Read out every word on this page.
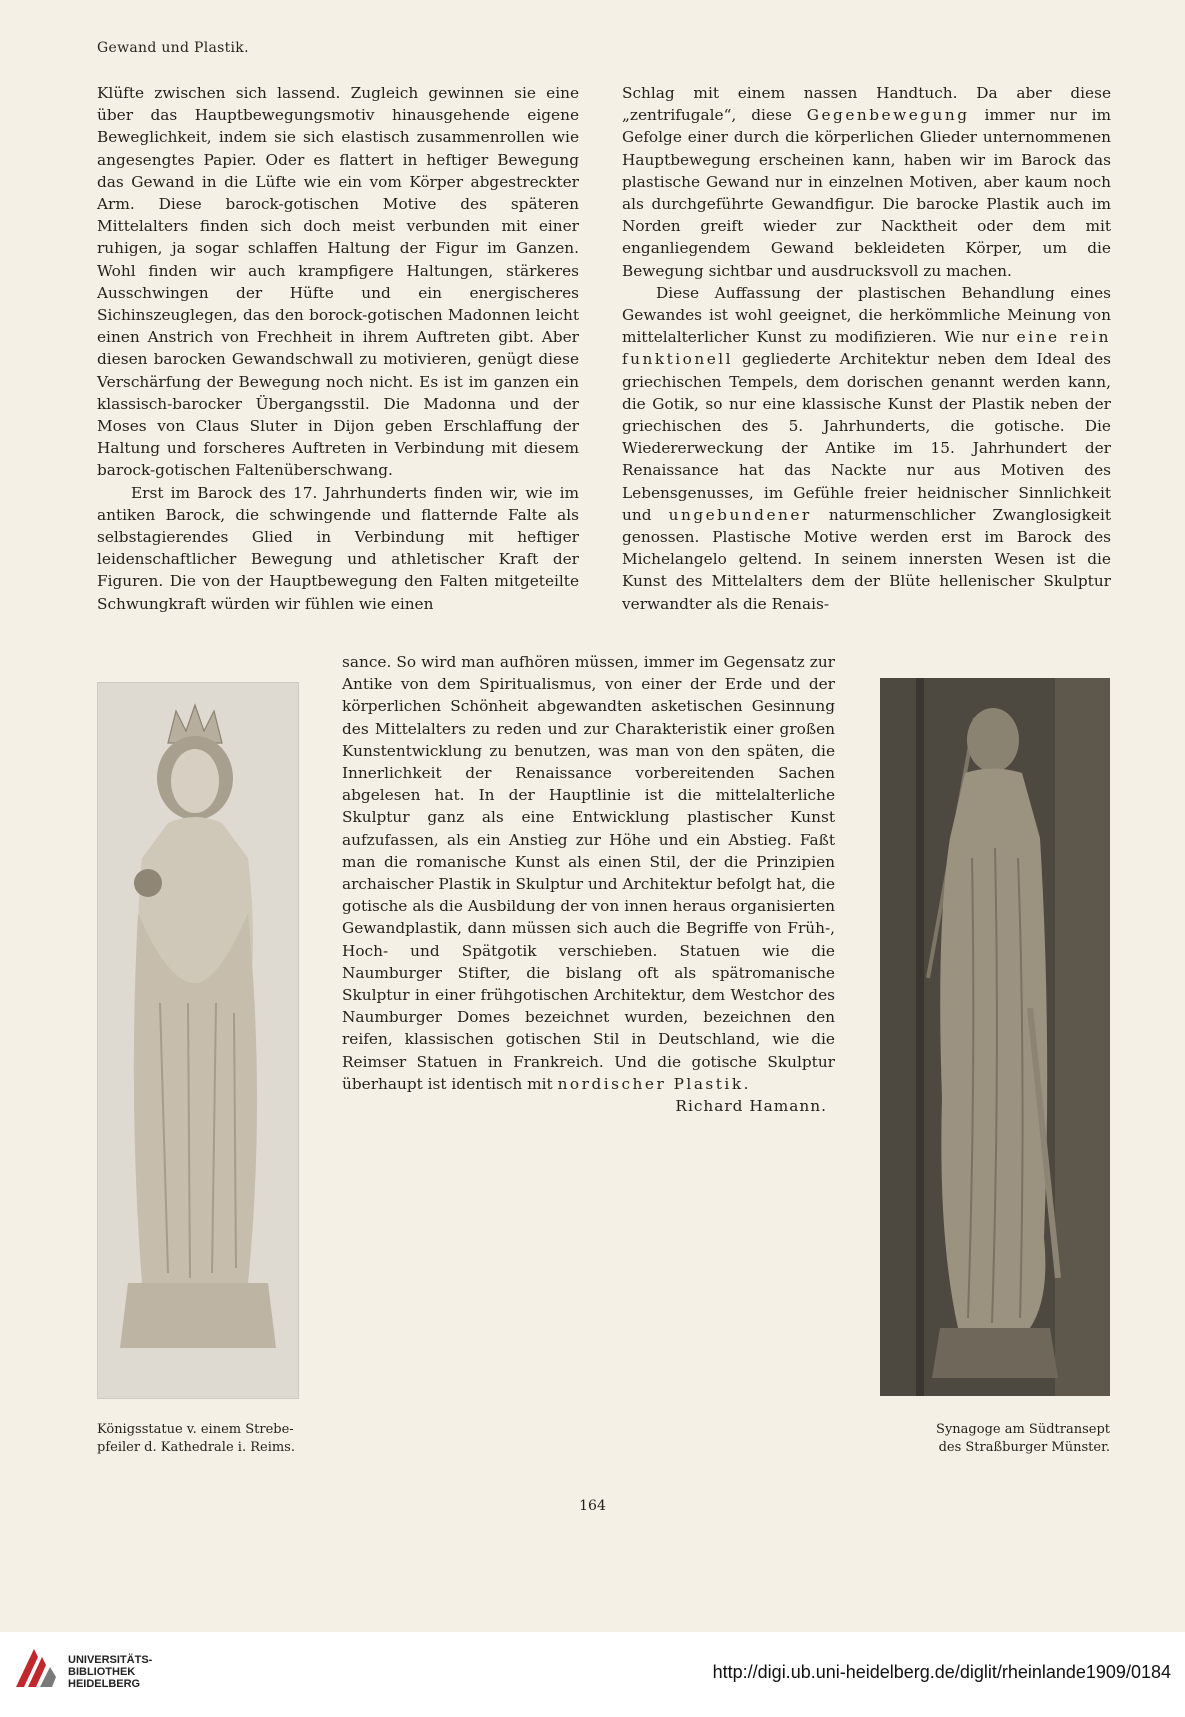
Gewand und Plastik.

Klüfte zwischen sich lassend. Zugleich gewinnen sie eine über das Hauptbewegungsmotiv hinausgehende eigene Beweglichkeit, indem sie sich elastisch zusammenrollen wie angesengtes Papier. Oder es flattert in heftiger Bewegung das Gewand in die Lüfte wie ein vom Körper abgestreckter Arm. Diese barock-gotischen Motive des späteren Mittelalters finden sich doch meist verbunden mit einer ruhigen, ja sogar schlaffen Haltung der Figur im Ganzen. Wohl finden wir auch krampfigere Haltungen, stärkeres Ausschwingen der Hüfte und ein energischeres Sichinszeuglegen, das den borock-gotischen Madonnen leicht einen Anstrich von Frechheit in ihrem Auftreten gibt. Aber diesen barocken Gewandschwall zu motivieren, genügt diese Verschärfung der Bewegung noch nicht. Es ist im ganzen ein klassisch-barocker Übergangsstil. Die Madonna und der Moses von Claus Sluter in Dijon geben Erschlaffung der Haltung und forscheres Auftreten in Verbindung mit diesem barock-gotischen Faltenüberschwang.

Erst im Barock des 17. Jahrhunderts finden wir, wie im antiken Barock, die schwingende und flatternde Falte als selbstagierendes Glied in Verbindung mit heftiger leidenschaftlicher Bewegung und athletischer Kraft der Figuren. Die von der Hauptbewegung den Falten mitgeteilte Schwungkraft würden wir fühlen wie einen

Schlag mit einem nassen Handtuch. Da aber diese „zentrifugale“, diese Gegenbewegung immer nur im Gefolge einer durch die körperlichen Glieder unternommenen Hauptbewegung erscheinen kann, haben wir im Barock das plastische Gewand nur in einzelnen Motiven, aber kaum noch als durchgeführte Gewandfigur. Die barocke Plastik auch im Norden greift wieder zur Nacktheit oder dem mit enganliegendem Gewand bekleideten Körper, um die Bewegung sichtbar und ausdrucksvoll zu machen.

Diese Auffassung der plastischen Behandlung eines Gewandes ist wohl geeignet, die herkömmliche Meinung von mittelalterlicher Kunst zu modifizieren. Wie nur eine rein funktionell gegliederte Architektur neben dem Ideal des griechischen Tempels, dem dorischen genannt werden kann, die Gotik, so nur eine klassische Kunst der Plastik neben der griechischen des 5. Jahrhunderts, die gotische. Die Wiedererweckung der Antike im 15. Jahrhundert der Renaissance hat das Nackte nur aus Motiven des Lebensgenusses, im Gefühle freier heidnischer Sinnlichkeit und ungebundener naturmenschlicher Zwanglosigkeit genossen. Plastische Motive werden erst im Barock des Michelangelo geltend. In seinem innersten Wesen ist die Kunst des Mittelalters dem der Blüte hellenischer Skulptur verwandter als die Renais-

sance. So wird man aufhören müssen, immer im Gegensatz zur Antike von dem Spiritualismus, von einer der Erde und der körperlichen Schönheit abgewandten asketischen Gesinnung des Mittelalters zu reden und zur Charakteristik einer großen Kunstentwicklung zu benutzen, was man von den späten, die Innerlichkeit der Renaissance vorbereitenden Sachen abgelesen hat. In der Hauptlinie ist die mittelalterliche Skulptur ganz als eine Entwicklung plastischer Kunst aufzufassen, als ein Anstieg zur Höhe und ein Abstieg. Faßt man die romanische Kunst als einen Stil, der die Prinzipien archaischer Plastik in Skulptur und Architektur befolgt hat, die gotische als die Ausbildung der von innen heraus organisierten Gewandplastik, dann müssen sich auch die Begriffe von Früh-, Hoch- und Spätgotik verschieben. Statuen wie die Naumburger Stifter, die bislang oft als spätromanische Skulptur in einer frühgotischen Architektur, dem Westchor des Naumburger Domes bezeichnet wurden, bezeichnen den reifen, klassischen gotischen Stil in Deutschland, wie die Reimser Statuen in Frankreich. Und die gotische Skulptur überhaupt ist identisch mit nordischer Plastik.

Richard Hamann.

Königsstatue v. einem Strebe-
pfeiler d. Kathedrale i. Reims.
Synagoge am Südtransept
des Straßburger Münster.
164
UNIVERSITÄTS-
BIBLIOTHEK
HEIDELBERG
http://digi.ub.uni-heidelberg.de/diglit/rheinlande1909/0184
